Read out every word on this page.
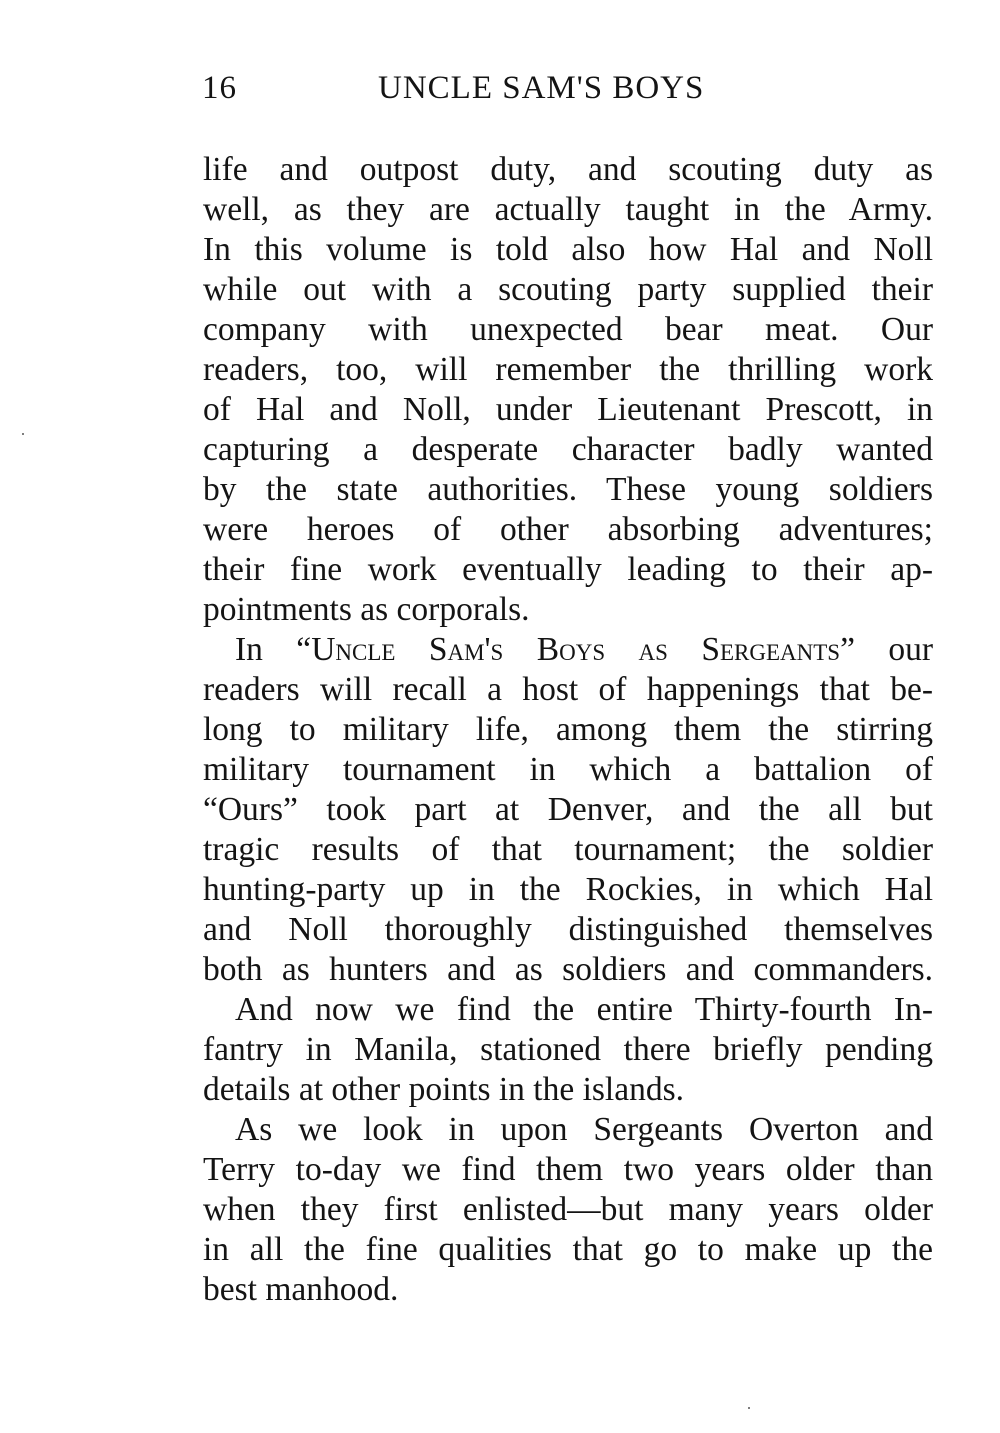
16	UNCLE SAM'S BOYS
life and outpost duty, and scouting duty as
well, as they are actually taught in the Army.
In this volume is told also how Hal and Noll
while out with a scouting party supplied their
company with unexpected bear meat. Our
readers, too, will remember the thrilling work
of Hal and Noll, under Lieutenant Prescott, in
capturing a desperate character badly wanted
by the state authorities. These young soldiers
were heroes of other absorbing adventures;
their fine work eventually leading to their ap-
pointments as corporals.
In “Uncle Sam's Boys as Sergeants” our
readers will recall a host of happenings that be-
long to military life, among them the stirring
military tournament in which a battalion of
“Ours” took part at Denver, and the all but
tragic results of that tournament; the soldier
hunting-party up in the Rockies, in which Hal
and Noll thoroughly distinguished themselves
both as hunters and as soldiers and commanders.
And now we find the entire Thirty-fourth In-
fantry in Manila, stationed there briefly pending
details at other points in the islands.
As we look in upon Sergeants Overton and
Terry to-day we find them two years older than
when they first enlisted—but many years older
in all the fine qualities that go to make up the
best manhood.
